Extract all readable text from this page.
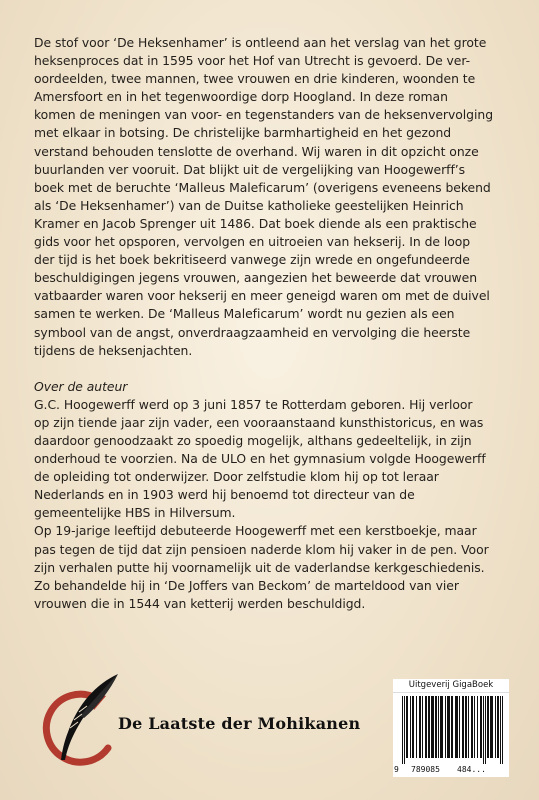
De stof voor ‘De Heksenhamer’ is ontleend aan het verslag van het grote

heksenproces dat in 1595 voor het Hof van Utrecht is gevoerd. De ver-

oordeelden, twee mannen, twee vrouwen en drie kinderen, woonden te

Amersfoort en in het tegenwoordige dorp Hoogland. In deze roman

komen de meningen van voor- en tegenstanders van de heksenvervolging

met elkaar in botsing. De christelijke barmhartigheid en het gezond

verstand behouden tenslotte de overhand. Wij waren in dit opzicht onze

buurlanden ver vooruit. Dat blijkt uit de vergelijking van Hoogewerff’s

boek met de beruchte ‘Malleus Maleficarum’ (overigens eveneens bekend

als ‘De Heksenhamer’) van de Duitse katholieke geestelijken Heinrich

Kramer en Jacob Sprenger uit 1486. Dat boek diende als een praktische

gids voor het opsporen, vervolgen en uitroeien van hekserij. In de loop

der tijd is het boek bekritiseerd vanwege zijn wrede en ongefundeerde

beschuldigingen jegens vrouwen, aangezien het beweerde dat vrouwen

vatbaarder waren voor hekserij en meer geneigd waren om met de duivel

samen te werken. De ‘Malleus Maleficarum’ wordt nu gezien als een

symbool van de angst, onverdraagzaamheid en vervolging die heerste

tijdens de heksenjachten.

Over de auteur

G.C. Hoogewerff werd op 3 juni 1857 te Rotterdam geboren. Hij verloor

op zijn tiende jaar zijn vader, een vooraanstaand kunsthistoricus, en was

daardoor genoodzaakt zo spoedig mogelijk, althans gedeeltelijk, in zijn

onderhoud te voorzien. Na de ULO en het gymnasium volgde Hoogewerff

de opleiding tot onderwijzer. Door zelfstudie klom hij op tot leraar

Nederlands en in 1903 werd hij benoemd tot directeur van de

gemeentelijke HBS in Hilversum.

Op 19-jarige leeftijd debuteerde Hoogewerff met een kerstboekje, maar

pas tegen de tijd dat zijn pensioen naderde klom hij vaker in de pen. Voor

zijn verhalen putte hij voornamelijk uit de vaderlandse kerkgeschiedenis.

Zo behandelde hij in ‘De Joffers van Beckom’ de marteldood van vier

vrouwen die in 1544 van ketterij werden beschuldigd.

De Laatste der Mohikanen
Uitgeverij GigaBoek
9 789085 484...
